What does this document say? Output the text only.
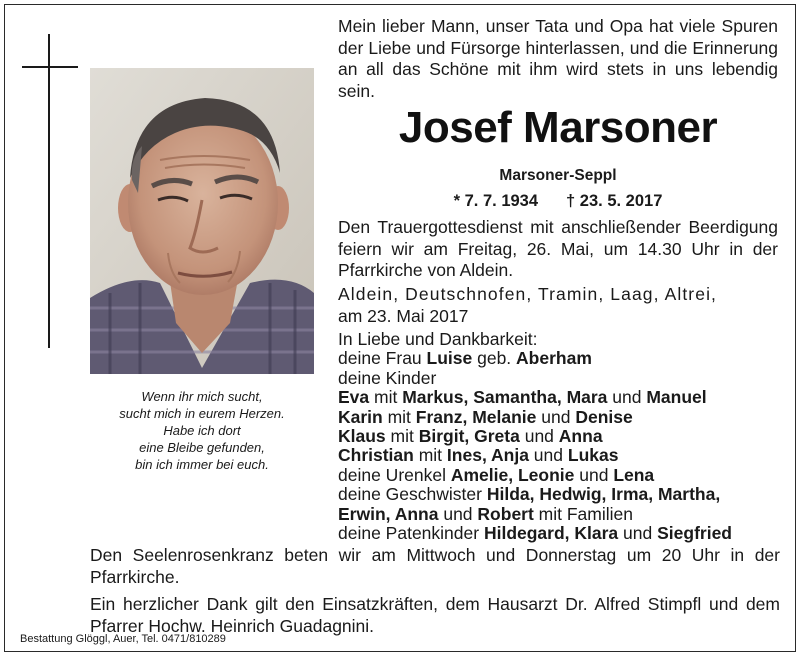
Wenn ihr mich sucht,
sucht mich in eurem Herzen.
Habe ich dort
eine Bleibe gefunden,
bin ich immer bei euch.
Mein lieber Mann, unser Tata und Opa hat viele Spuren der Liebe und Fürsorge hinterlassen, und die Erinnerung an all das Schöne mit ihm wird stets in uns lebendig sein.
Josef Marsoner
Marsoner-Seppl
* 7. 7. 1934 † 23. 5. 2017
Den Trauergottesdienst mit anschließender Beerdigung feiern wir am Freitag, 26. Mai, um 14.30 Uhr in der Pfarrkirche von Aldein.
Aldein, Deutschnofen, Tramin, Laag, Altrei,
am 23. Mai 2017
In Liebe und Dankbarkeit:
deine Frau Luise geb. Aberham
deine Kinder
Eva mit Markus, Samantha, Mara und Manuel
Karin mit Franz, Melanie und Denise
Klaus mit Birgit, Greta und Anna
Christian mit Ines, Anja und Lukas
deine Urenkel Amelie, Leonie und Lena
deine Geschwister Hilda, Hedwig, Irma, Martha,
Erwin, Anna und Robert mit Familien
deine Patenkinder Hildegard, Klara und Siegfried

Den Seelenrosenkranz beten wir am Mittwoch und Donnerstag um 20 Uhr in der Pfarrkirche.

Ein herzlicher Dank gilt den Einsatzkräften, dem Hausarzt Dr. Alfred Stimpfl und dem Pfarrer Hochw. Heinrich Guadagnini.

Bestattung Glöggl, Auer, Tel. 0471/810289
